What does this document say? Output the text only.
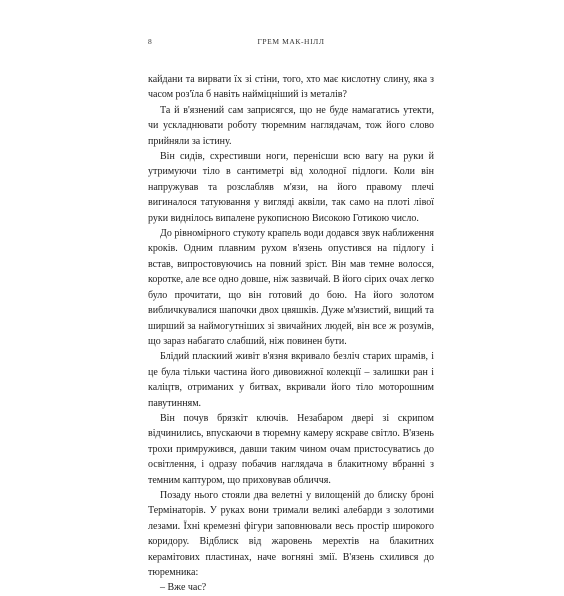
8	ГРЕМ МАК-НІЛЛ

кайдани та вирвати їх зі стіни, того, хто має кислотну слину, яка з часом роз'їла б навіть найміцніший із металів?

Та й в'язнений сам заприсягся, що не буде намагатись утекти, чи ускладнювати роботу тюремним наглядачам, тож його слово прийняли за істину.

Він сидів, схрестивши ноги, перенісши всю вагу на руки й утримуючи тіло в сантиметрі від холодної підлоги. Коли він напружував та розслабляв м'язи, на його правому плечі вигиналося татуювання у вигляді аквіли, так само на плоті лівої руки виднілось випалене рукописною Високою Готикою число.

До рівномірного стукоту крапель води додався звук наближення кроків. Одним плавним рухом в'язень опустився на підлогу і встав, випростовуючись на повний зріст. Він мав темне волосся, коротке, але все одно довше, ніж зазвичай. В його сірих очах легко було прочитати, що він готовий до бою. На його золотом вибличкувалися шапочки двох цвяшків. Дуже м'язистий, вищий та ширший за наймогутніших зі звичайних людей, він все ж розумів, що зараз набагато слабший, ніж повинен бути.

Блідий пласкиий живіт в'язня вкривало безліч старих шрамів, і це була тільки частина його дивовижної колекції – залишки ран і каліцтв, отриманих у битвах, вкривали його тіло моторошним павутинням.

Він почув брязкіт ключів. Незабаром двері зі скрипом відчинились, впускаючи в тюремну камеру яскраве світло. В'язень трохи примружився, давши таким чином очам пристосуватись до освітлення, і одразу побачив наглядача в блакитному вбранні з темним каптуром, що приховував обличчя.

Позаду нього стояли два велетні у вилощеній до блиску броні Термінаторів. У руках вони тримали великі алебарди з золотими лезами. Їхні кремезні фігури заповнювали весь простір широкого коридору. Відблиск від жаровень мерехтів на блакитних керамітових пластинах, наче вогняні змії. В'язень схилився до тюремника:

– Вже час?
